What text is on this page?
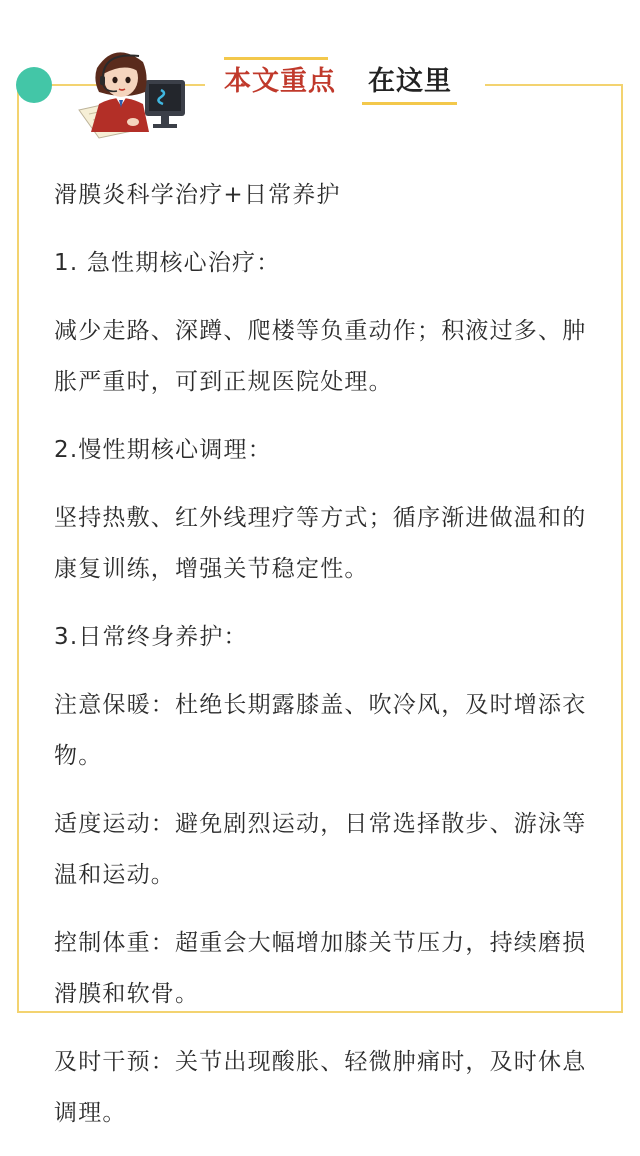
本文重点 在这里

滑膜炎科学治疗+日常养护

1. 急性期核心治疗：

减少走路、深蹲、爬楼等负重动作；积液过多、肿胀严重时，可到正规医院处理。

2.慢性期核心调理：

坚持热敷、红外线理疗等方式；循序渐进做温和的康复训练，增强关节稳定性。

3.日常终身养护：

注意保暖：杜绝长期露膝盖、吹冷风，及时增添衣物。

适度运动：避免剧烈运动，日常选择散步、游泳等温和运动。

控制体重：超重会大幅增加膝关节压力，持续磨损滑膜和软骨。

及时干预：关节出现酸胀、轻微肿痛时，及时休息调理。
